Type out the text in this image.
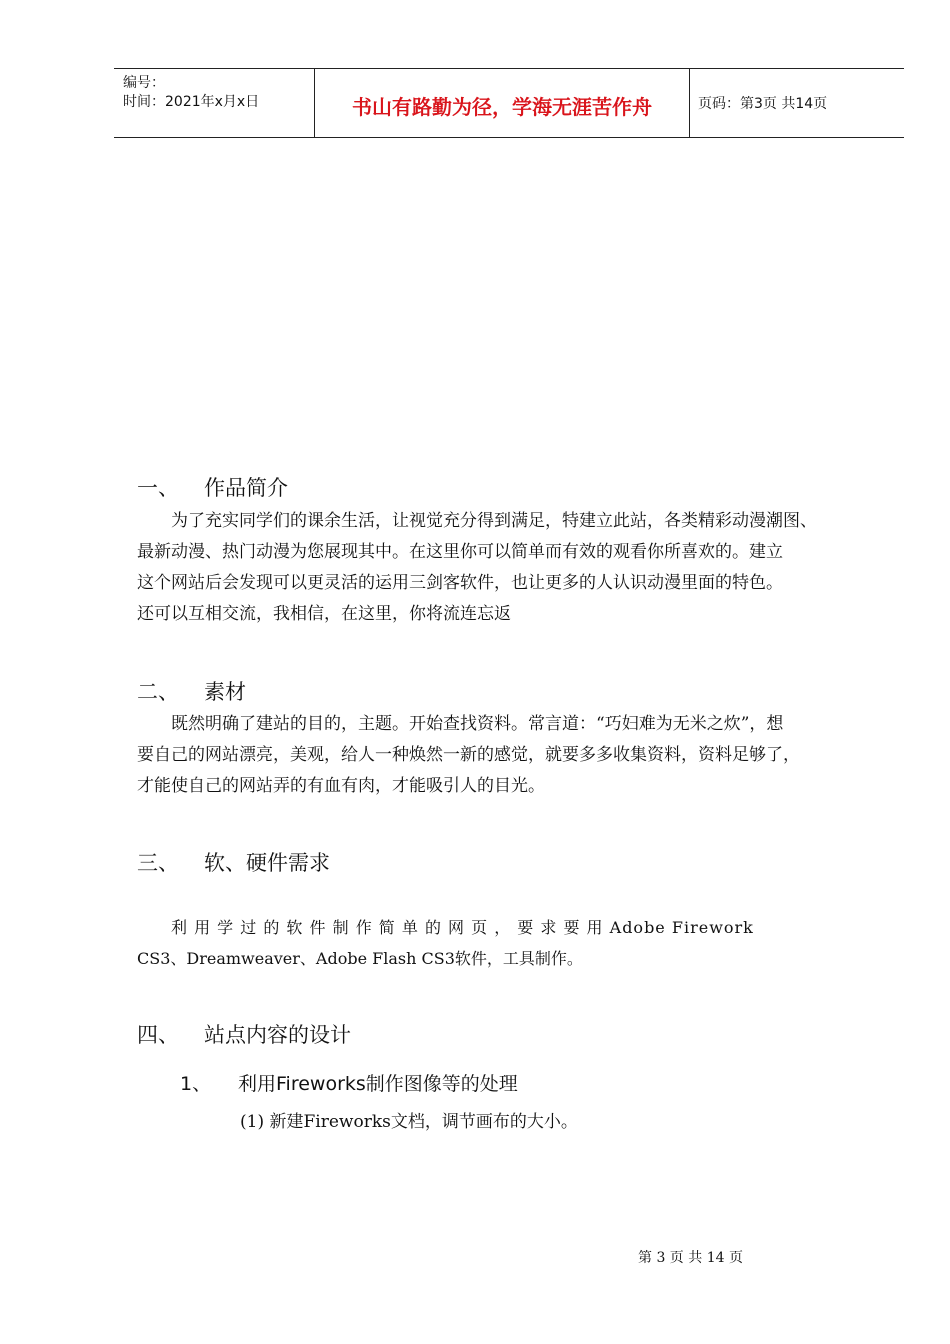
编号：
时间：2021年x月x日	书山有路勤为径，学海无涯苦作舟	页码：第3页 共14页
一、 作品简介
为了充实同学们的课余生活，让视觉充分得到满足，特建立此站，各类精彩动漫潮图、
最新动漫、热门动漫为您展现其中。在这里你可以简单而有效的观看你所喜欢的。建立
这个网站后会发现可以更灵活的运用三剑客软件，也让更多的人认识动漫里面的特色。
还可以互相交流，我相信，在这里，你将流连忘返
二、 素材
既然明确了建站的目的，主题。开始查找资料。常言道：“巧妇难为无米之炊”，想
要自己的网站漂亮，美观，给人一种焕然一新的感觉，就要多多收集资料，资料足够了，
才能使自己的网站弄的有血有肉，才能吸引人的目光。
三、 软、硬件需求
利 用 学 过 的 软 件 制 作 简 单 的 网 页 ， 要 求 要 用 Adobe Firework
CS3、Dreamweaver、Adobe Flash CS3软件，工具制作。
四、 站点内容的设计
1、 利用Fireworks制作图像等的处理
(1) 新建Fireworks文档，调节画布的大小。
第 3 页 共 14 页
